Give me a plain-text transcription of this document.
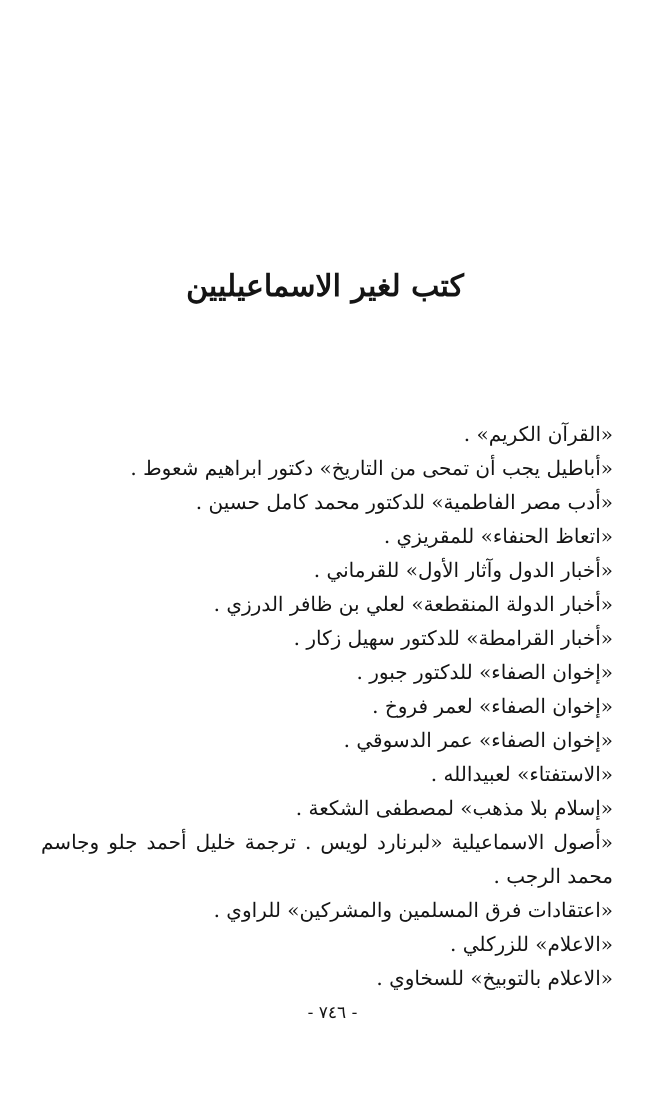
كتب لغير الاسماعيليين
«القرآن الكريم» .
«أباطيل يجب أن تمحى من التاريخ» دكتور ابراهيم شعوط .
«أدب مصر الفاطمية» للدكتور محمد كامل حسين .
«اتعاظ الحنفاء» للمقريزي .
«أخبار الدول وآثار الأول» للقرماني .
«أخبار الدولة المنقطعة» لعلي بن ظافر الدرزي .
«أخبار القرامطة» للدكتور سهيل زكار .
«إخوان الصفاء» للدكتور جبور .
«إخوان الصفاء» لعمر فروخ .
«إخوان الصفاء» عمر الدسوقي .
«الاستفتاء» لعبيدالله .
«إسلام بلا مذهب» لمصطفى الشكعة .
«أصول الاسماعيلية «لبرنارد لويس . ترجمة خليل أحمد جلو وجاسم محمد الرجب .
«اعتقادات فرق المسلمين والمشركين» للراوي .
«الاعلام» للزركلي .
«الاعلام بالتوبيخ» للسخاوي .
- ٧٤٦ -
